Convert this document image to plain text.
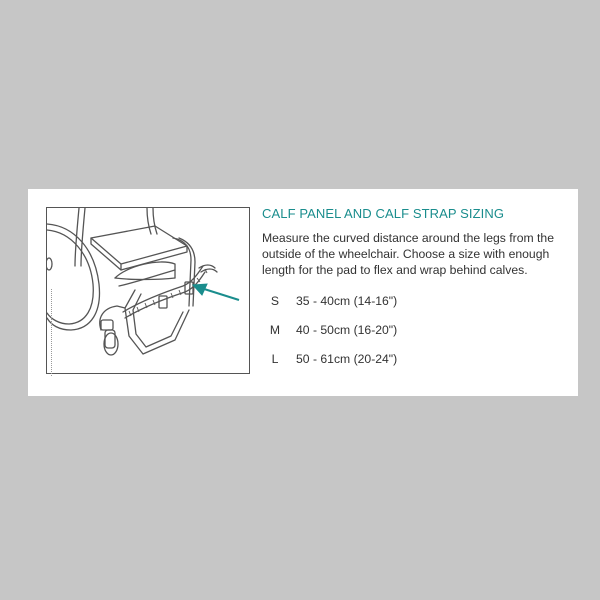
CALF PANEL AND CALF STRAP SIZING
Measure the curved distance around the legs from the outside of the wheelchair. Choose a size with enough length for the pad to flex and wrap behind calves.
S	35 - 40cm (14-16")
M	40 - 50cm (16-20")
L	50 - 61cm (20-24")
